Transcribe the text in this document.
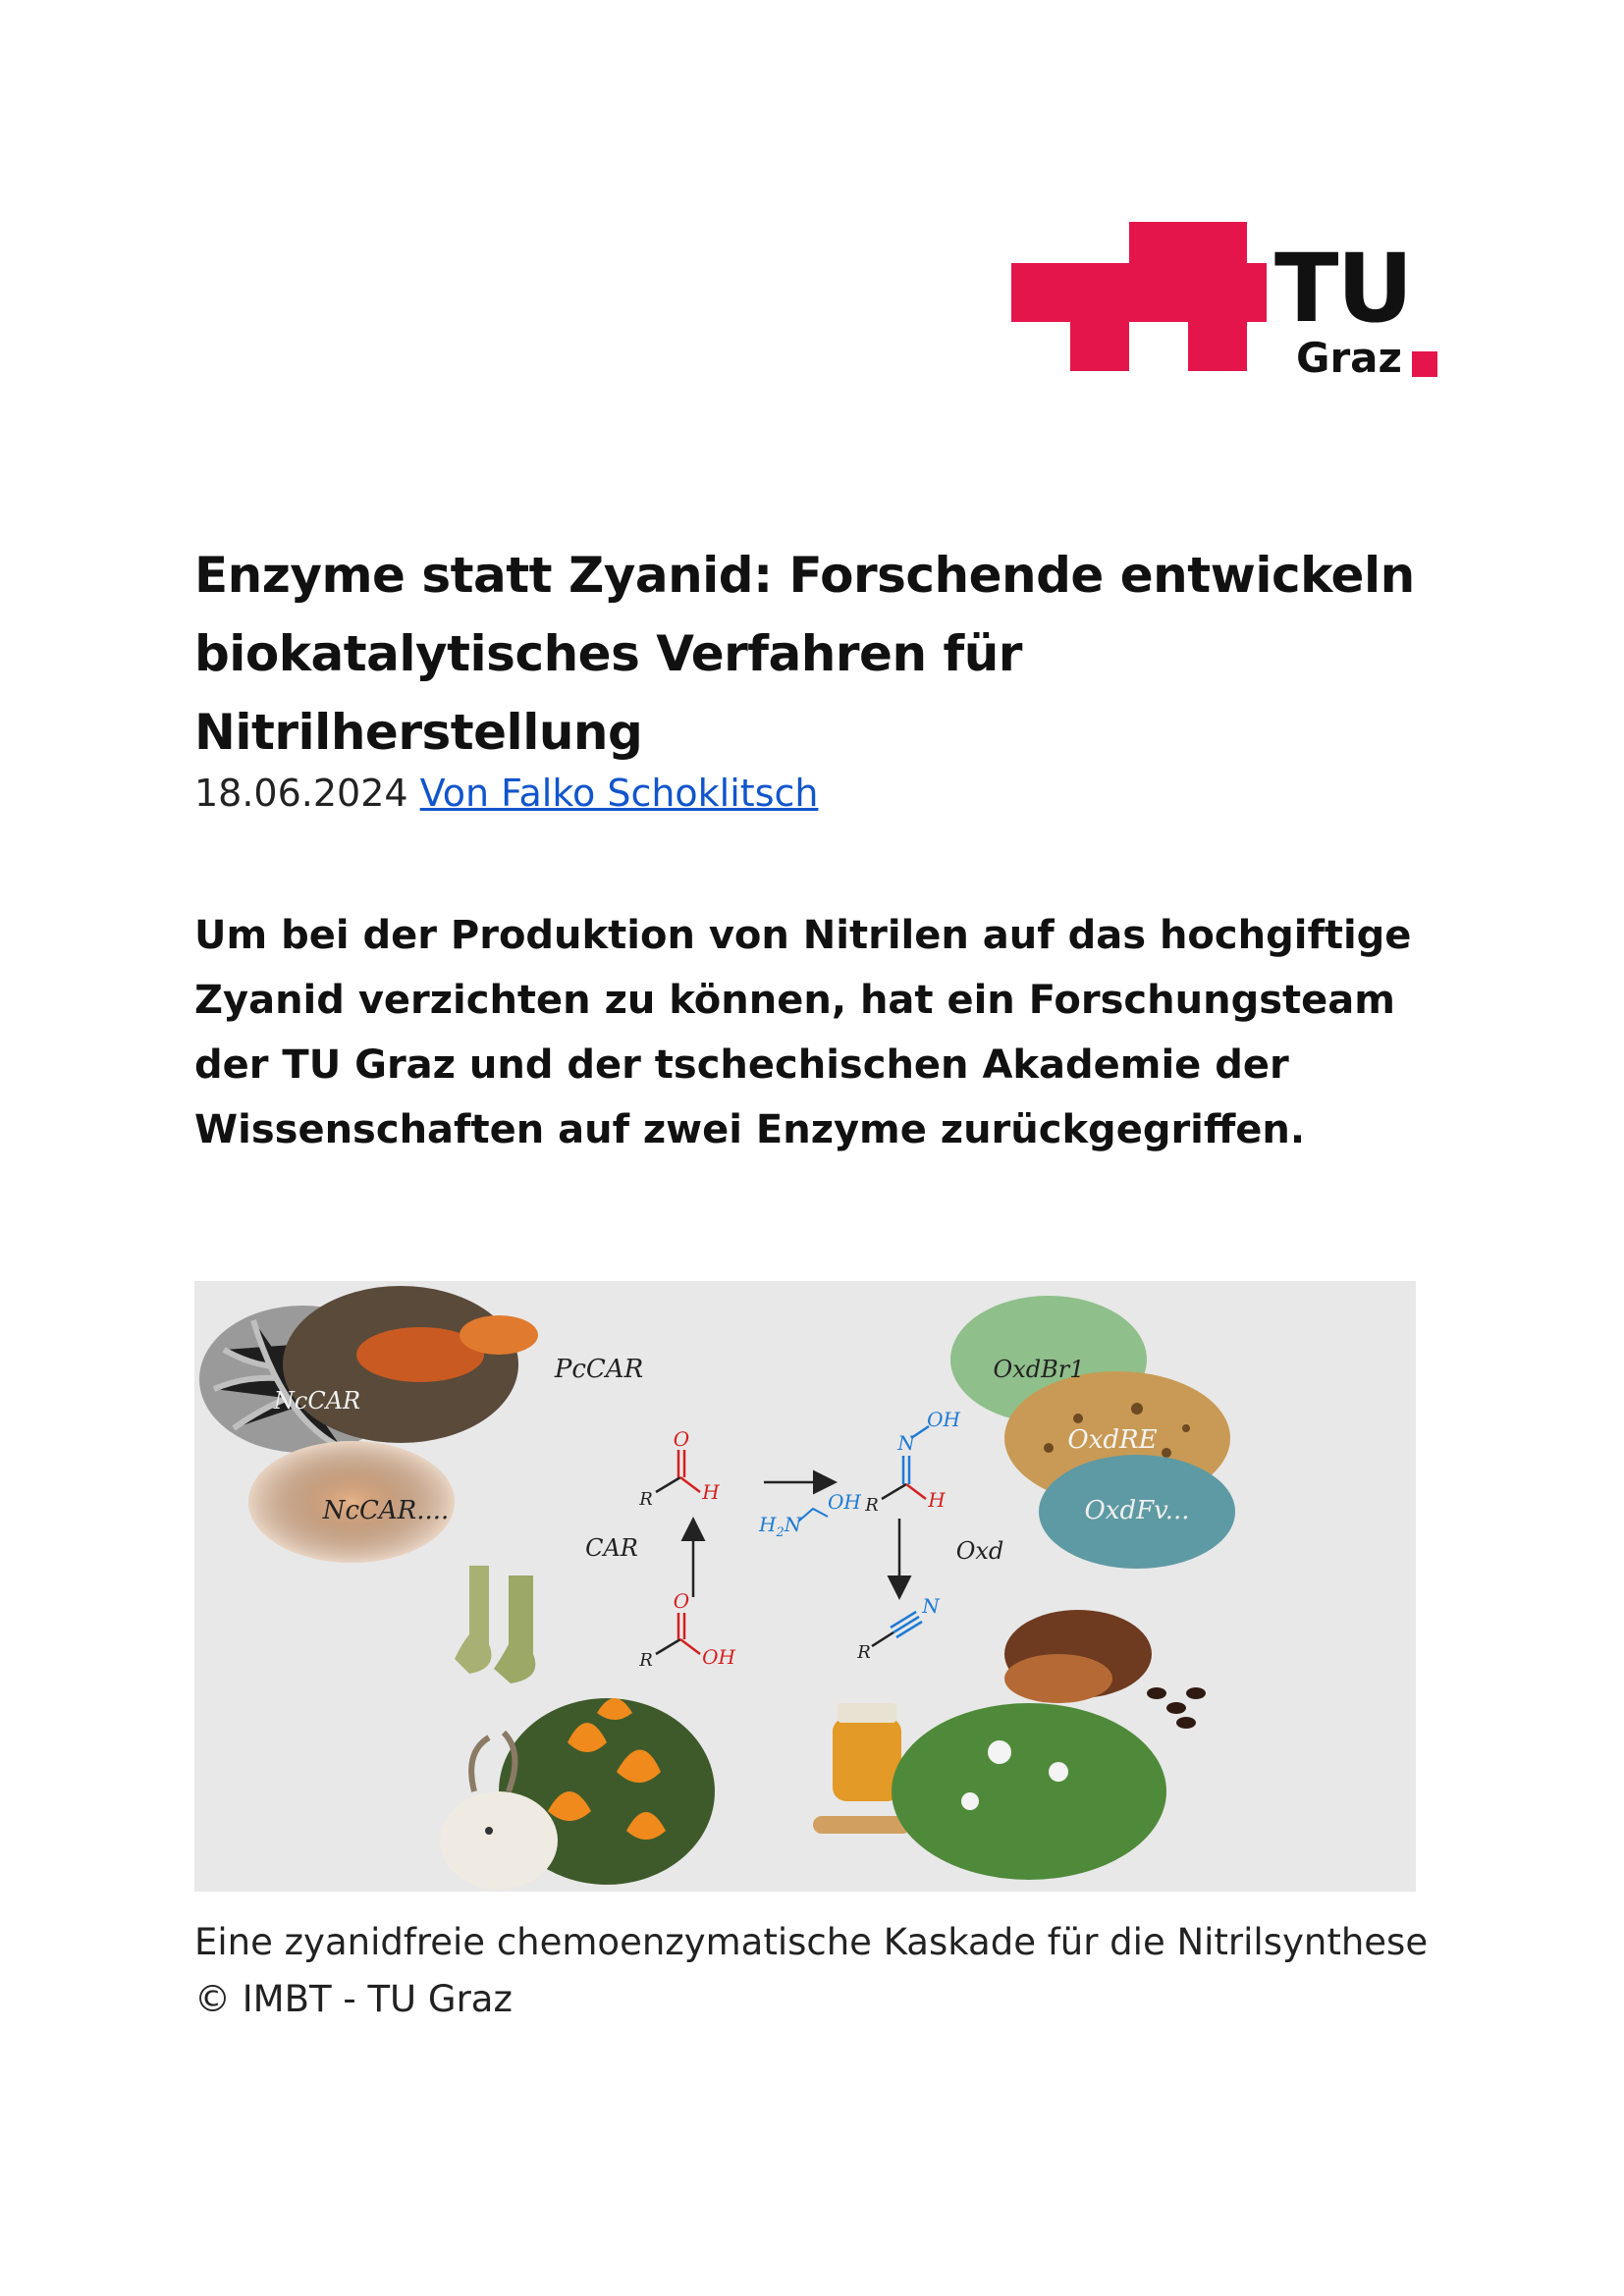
TU
Graz
Enzyme statt Zyanid: Forschende entwickeln biokatalytisches Verfahren für Nitrilherstellung
18.06.2024 Von Falko Schoklitsch

Um bei der Produktion von Nitrilen auf das hochgiftige Zyanid verzichten zu können, hat ein Forschungsteam der TU Graz und der tschechischen Akademie der Wissenschaften auf zwei Enzyme zurückgegriffen.

PcCAR
NcCAR
NcCAR....
OxdBr1
OxdRE
OxdFv...
O
R	H
O
R	OH
CAR
$H_2N$
OH
N
OH
R	H
Oxd
N
R

Eine zyanidfreie chemoenzymatische Kaskade für die Nitrilsynthese
© IMBT - TU Graz
